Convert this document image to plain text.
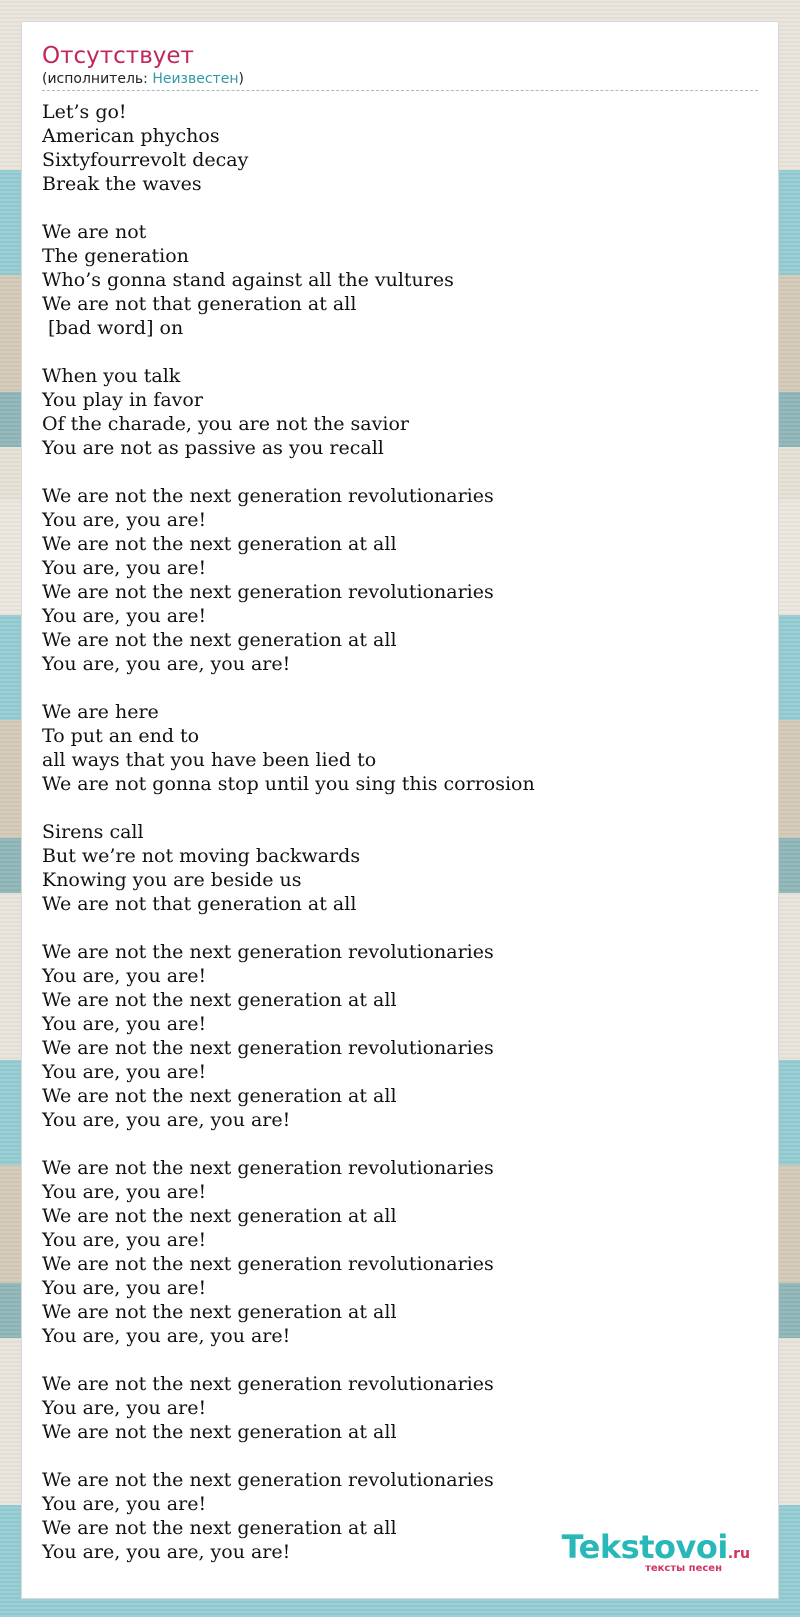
Отсутствует
(исполнитель: Неизвестен)
Let’s go!
American phychos
Sixtyfourrevolt decay
Break the waves
We are not
The generation
Who’s gonna stand against all the vultures
We are not that generation at all
[bad word] on
When you talk
You play in favor
Of the charade, you are not the savior
You are not as passive as you recall
We are not the next generation revolutionaries
You are, you are!
We are not the next generation at all
You are, you are!
We are not the next generation revolutionaries
You are, you are!
We are not the next generation at all
You are, you are, you are!
We are here
To put an end to
all ways that you have been lied to
We are not gonna stop until you sing this corrosion
Sirens call
But we’re not moving backwards
Knowing you are beside us
We are not that generation at all
We are not the next generation revolutionaries
You are, you are!
We are not the next generation at all
You are, you are!
We are not the next generation revolutionaries
You are, you are!
We are not the next generation at all
You are, you are, you are!
We are not the next generation revolutionaries
You are, you are!
We are not the next generation at all
You are, you are!
We are not the next generation revolutionaries
You are, you are!
We are not the next generation at all
You are, you are, you are!
We are not the next generation revolutionaries
You are, you are!
We are not the next generation at all
We are not the next generation revolutionaries
You are, you are!
We are not the next generation at all
You are, you are, you are!	Tekstovoi.ru
тексты песен
